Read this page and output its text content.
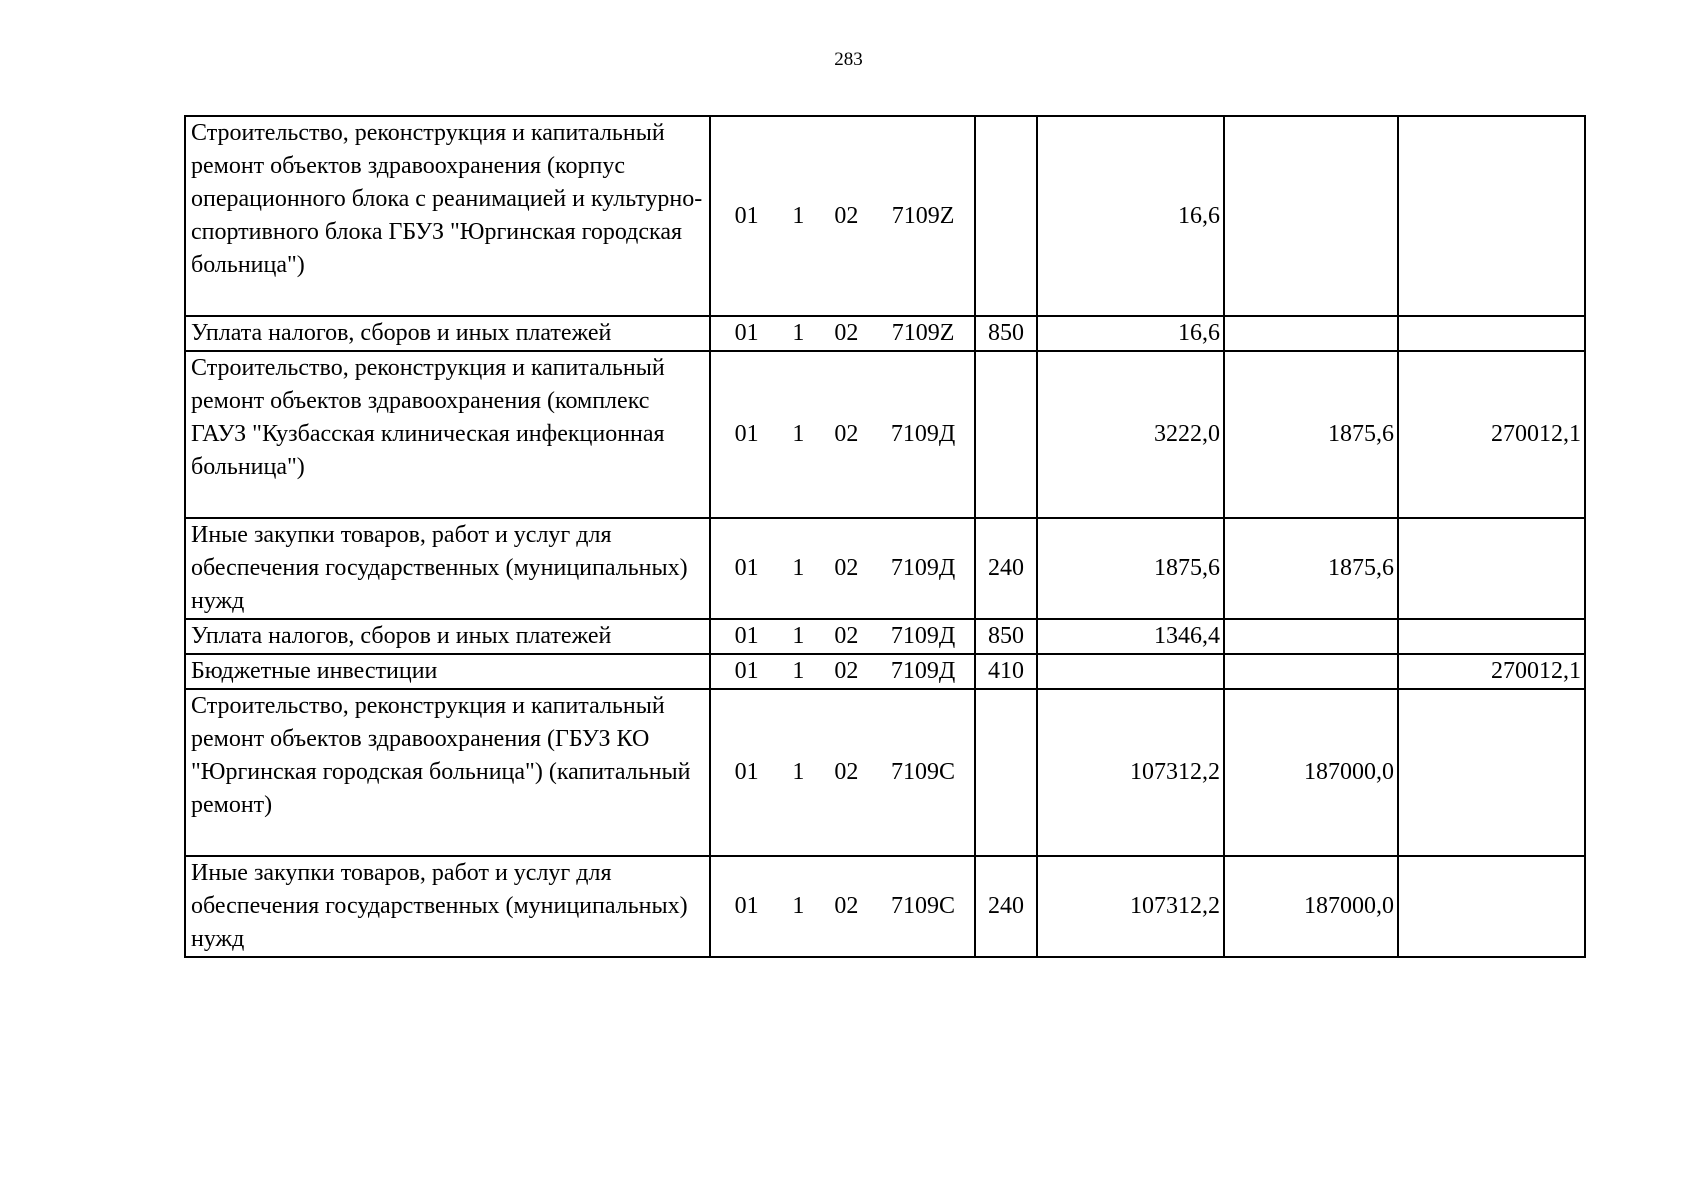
283
Строительство, реконструкция и капитальный ремонт объектов здравоохранения (корпус операционного блока с реанимацией и культурно-спортивного блока ГБУЗ "Юргинская городская больница")	01 1 02 7109Z		16,6		
Уплата налогов, сборов и иных платежей	01 1 02 7109Z	850	16,6		
Строительство, реконструкция и капитальный ремонт объектов здравоохранения (комплекс ГАУЗ "Кузбасская клиническая инфекционная больница")	01 1 02 7109Д		3222,0	1875,6	270012,1
Иные закупки товаров, работ и услуг для обеспечения государственных (муниципальных) нужд	01 1 02 7109Д	240	1875,6	1875,6	
Уплата налогов, сборов и иных платежей	01 1 02 7109Д	850	1346,4		
Бюджетные инвестиции	01 1 02 7109Д	410			270012,1
Строительство, реконструкция и капитальный ремонт объектов здравоохранения (ГБУЗ КО "Юргинская городская больница") (капитальный ремонт)	01 1 02 7109С		107312,2	187000,0	
Иные закупки товаров, работ и услуг для обеспечения государственных (муниципальных) нужд	01 1 02 7109С	240	107312,2	187000,0	
